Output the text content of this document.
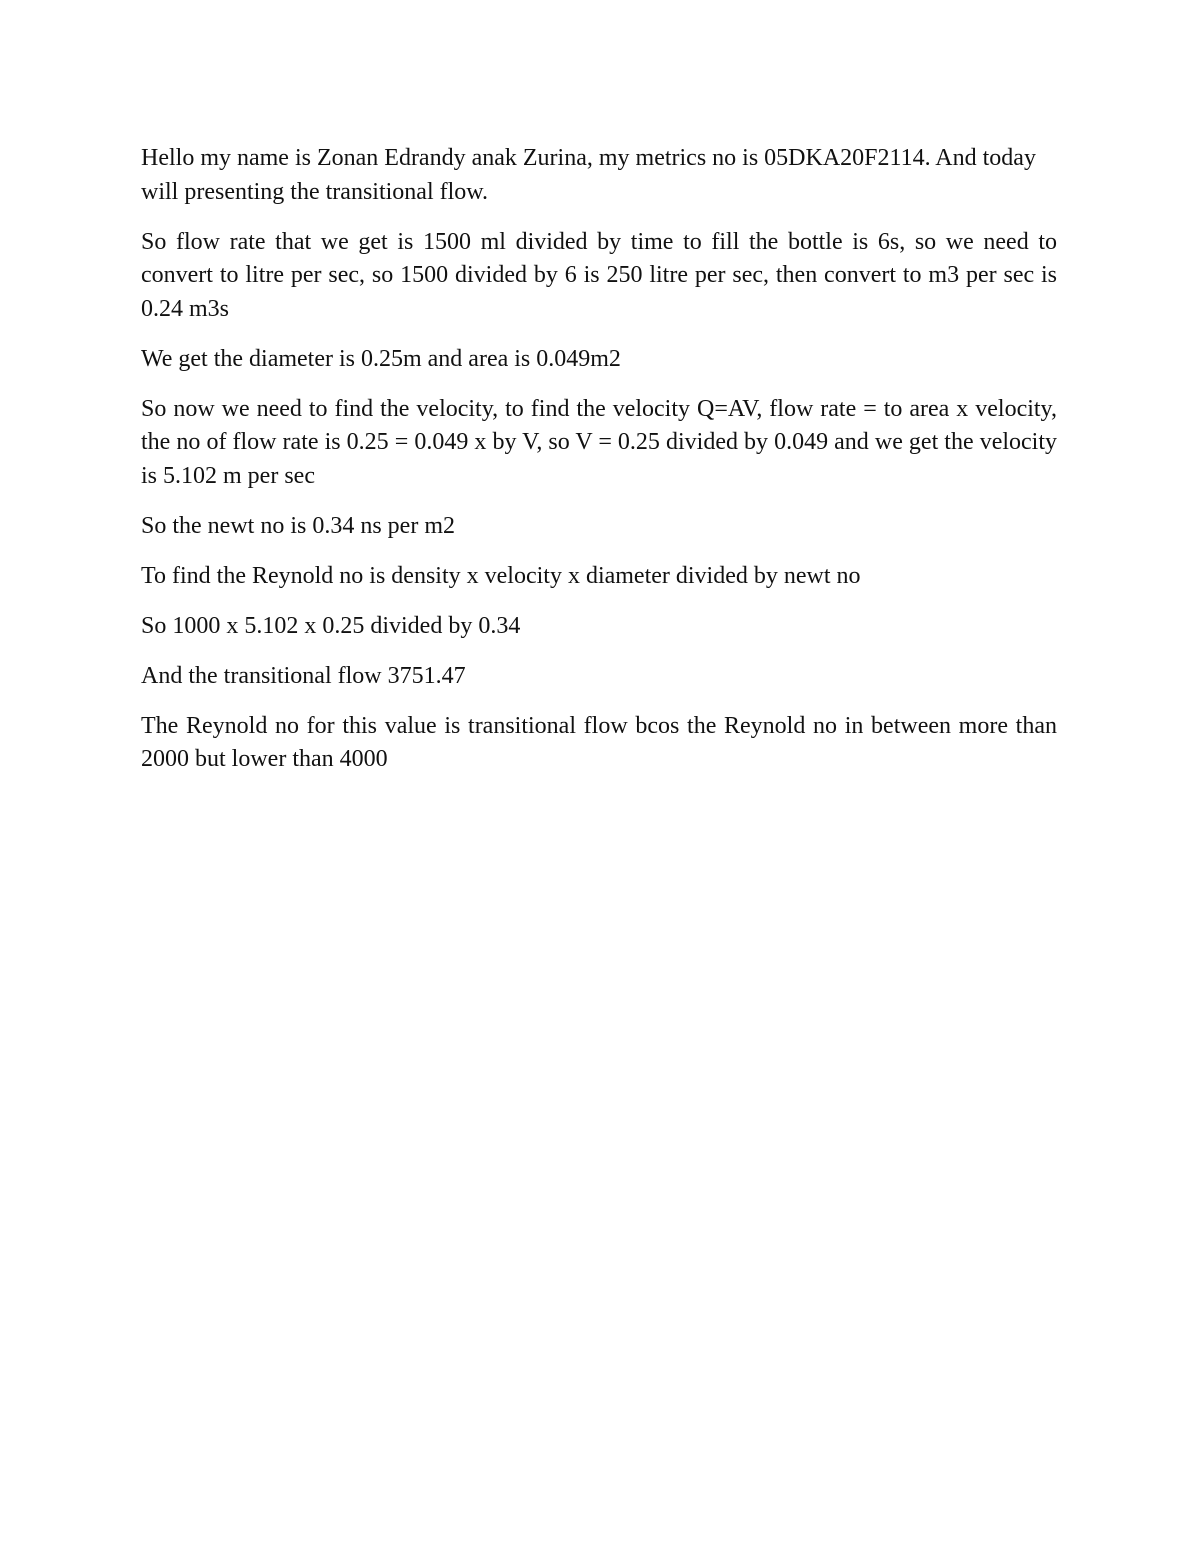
Hello my name is Zonan Edrandy anak Zurina, my metrics no is 05DKA20F2114. And today will presenting the transitional flow.

So flow rate that we get is 1500 ml divided by time to fill the bottle is 6s, so we need to convert to litre per sec, so 1500 divided by 6 is 250 litre per sec, then convert to m3 per sec is 0.24 m3s

We get the diameter is 0.25m and area is 0.049m2

So now we need to find the velocity, to find the velocity Q=AV, flow rate = to area x velocity, the no of flow rate is 0.25 = 0.049 x by V, so V = 0.25 divided by 0.049 and we get the velocity is 5.102 m per sec

So the newt no is 0.34 ns per m2

To find the Reynold no is density x velocity x diameter divided by newt no

So 1000 x 5.102 x 0.25 divided by 0.34

And the transitional flow 3751.47

The Reynold no for this value is transitional flow bcos the Reynold no in between more than 2000 but lower than 4000
